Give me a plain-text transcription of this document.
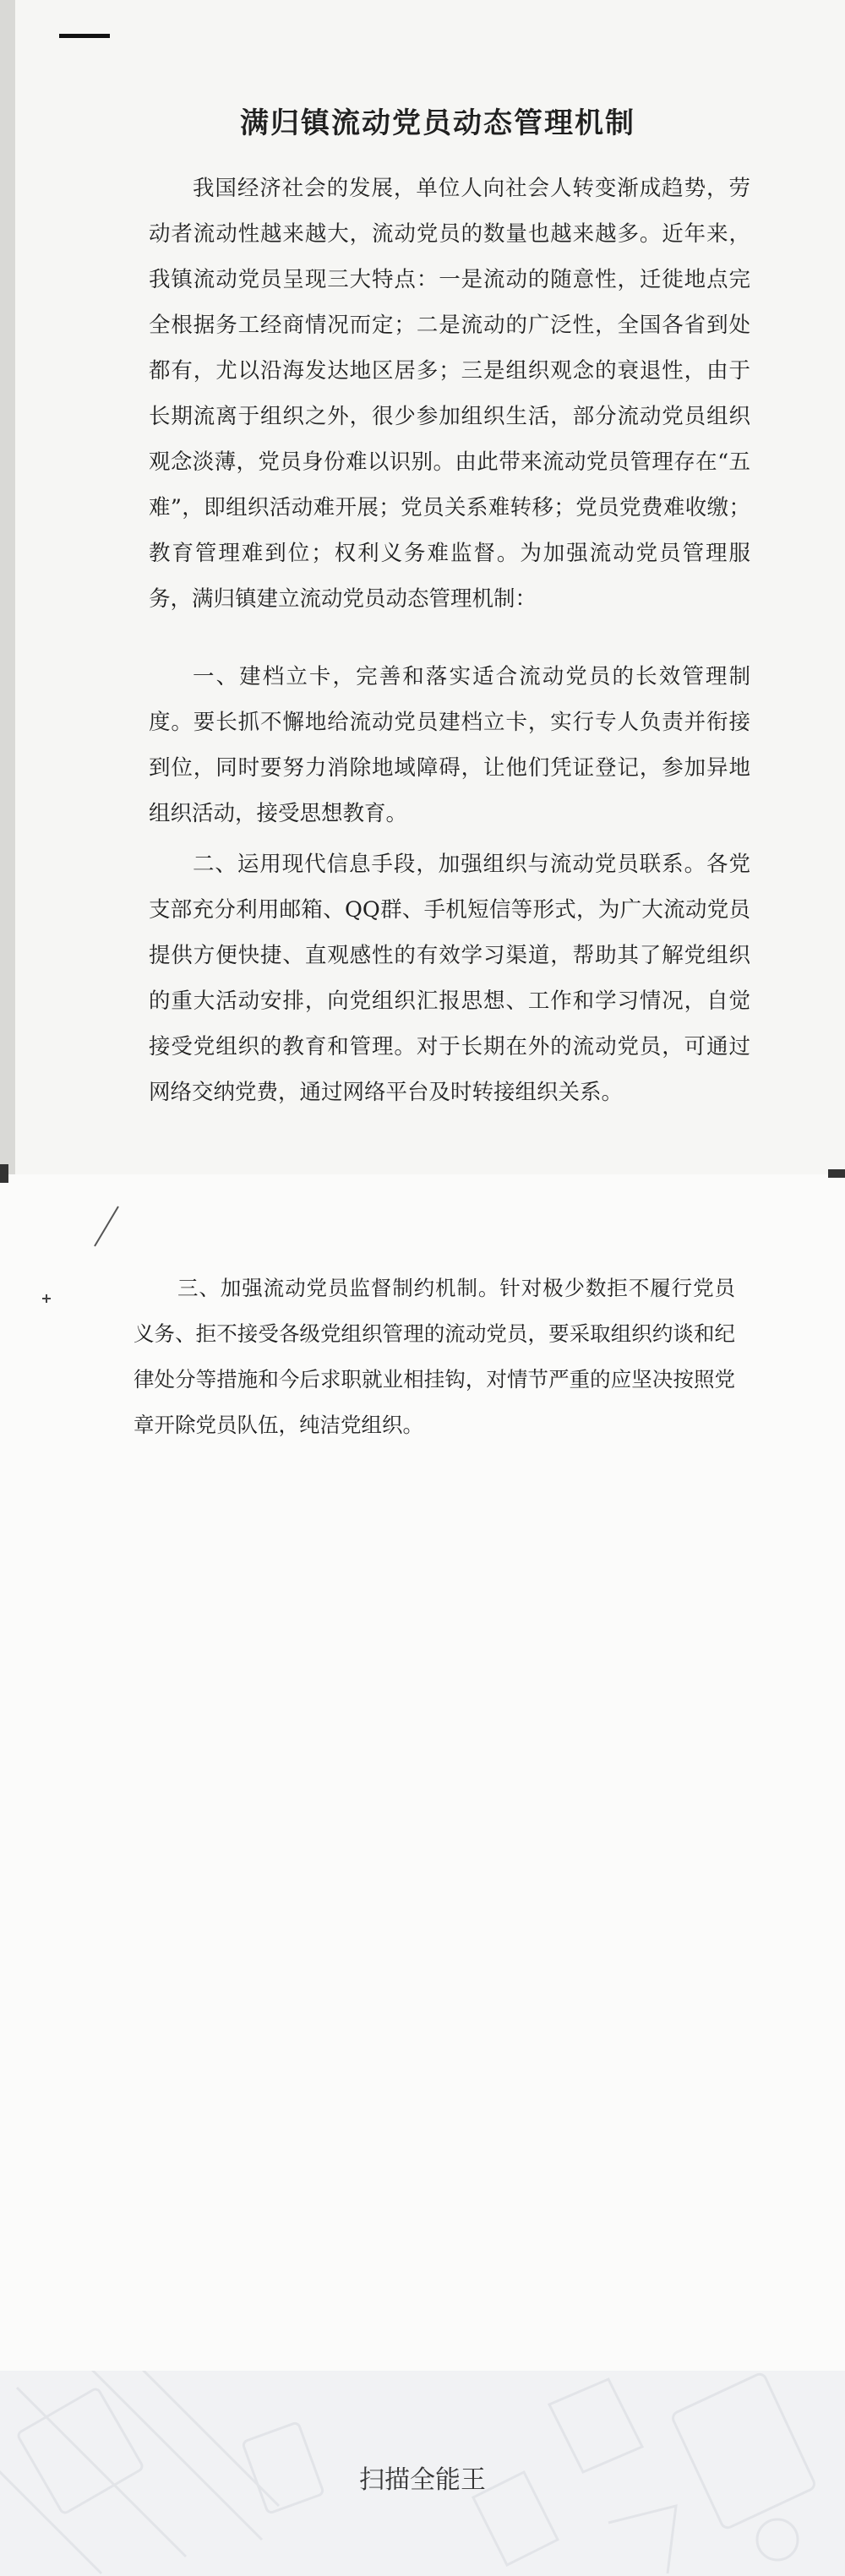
满归镇流动党员动态管理机制

我国经济社会的发展，单位人向社会人转变渐成趋势，劳动者流动性越来越大，流动党员的数量也越来越多。近年来，我镇流动党员呈现三大特点：一是流动的随意性，迁徙地点完全根据务工经商情况而定；二是流动的广泛性，全国各省到处都有，尤以沿海发达地区居多；三是组织观念的衰退性，由于长期流离于组织之外，很少参加组织生活，部分流动党员组织观念淡薄，党员身份难以识别。由此带来流动党员管理存在“五难”，即组织活动难开展；党员关系难转移；党员党费难收缴；教育管理难到位；权利义务难监督。为加强流动党员管理服务，满归镇建立流动党员动态管理机制：

一、建档立卡，完善和落实适合流动党员的长效管理制度。要长抓不懈地给流动党员建档立卡，实行专人负责并衔接到位，同时要努力消除地域障碍，让他们凭证登记，参加异地组织活动，接受思想教育。

二、运用现代信息手段，加强组织与流动党员联系。各党支部充分利用邮箱、QQ群、手机短信等形式，为广大流动党员提供方便快捷、直观感性的有效学习渠道，帮助其了解党组织的重大活动安排，向党组织汇报思想、工作和学习情况，自觉接受党组织的教育和管理。对于长期在外的流动党员，可通过网络交纳党费，通过网络平台及时转接组织关系。

三、加强流动党员监督制约机制。针对极少数拒不履行党员义务、拒不接受各级党组织管理的流动党员，要采取组织约谈和纪律处分等措施和今后求职就业相挂钩，对情节严重的应坚决按照党章开除党员队伍，纯洁党组织。

扫描全能王
